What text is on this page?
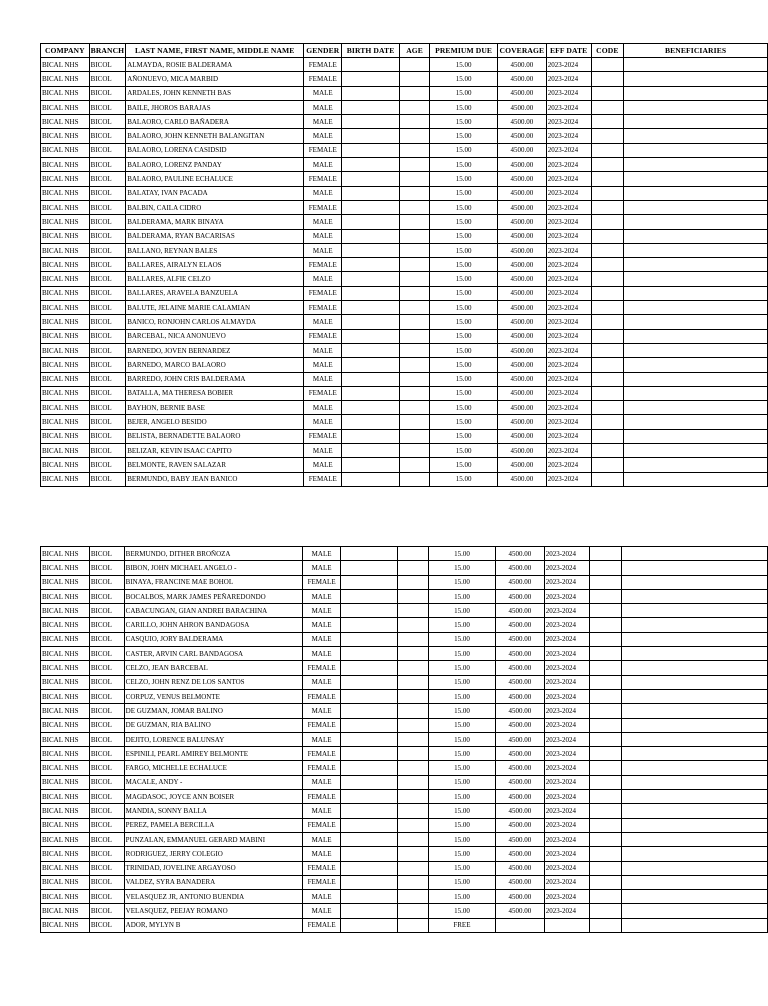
COMPANY	BRANCH	LAST NAME, FIRST NAME, MIDDLE NAME	GENDER	BIRTH DATE	AGE	PREMIUM DUE	COVERAGE	EFF DATE	CODE	BENEFICIARIES
BICAL NHS	BICOL	ALMAYDA, ROSIE BALDERAMA	FEMALE			15.00	4500.00	2023-2024		
BICAL NHS	BICOL	AÑONUEVO, MICA MARBID	FEMALE			15.00	4500.00	2023-2024		
BICAL NHS	BICOL	ARDALES, JOHN KENNETH BAS	MALE			15.00	4500.00	2023-2024		
BICAL NHS	BICOL	BAILE, JHOROS BARAJAS	MALE			15.00	4500.00	2023-2024		
BICAL NHS	BICOL	BALAORO, CARLO BAÑADERA	MALE			15.00	4500.00	2023-2024		
BICAL NHS	BICOL	BALAORO, JOHN KENNETH BALANGITAN	MALE			15.00	4500.00	2023-2024		
BICAL NHS	BICOL	BALAORO, LORENA CASIDSID	FEMALE			15.00	4500.00	2023-2024		
BICAL NHS	BICOL	BALAORO, LORENZ PANDAY	MALE			15.00	4500.00	2023-2024		
BICAL NHS	BICOL	BALAORO, PAULINE ECHALUCE	FEMALE			15.00	4500.00	2023-2024		
BICAL NHS	BICOL	BALATAY, IVAN PACADA	MALE			15.00	4500.00	2023-2024		
BICAL NHS	BICOL	BALBIN, CAILA CIDRO	FEMALE			15.00	4500.00	2023-2024		
BICAL NHS	BICOL	BALDERAMA, MARK BINAYA	MALE			15.00	4500.00	2023-2024		
BICAL NHS	BICOL	BALDERAMA, RYAN BACARISAS	MALE			15.00	4500.00	2023-2024		
BICAL NHS	BICOL	BALLANO, REYNAN BALES	MALE			15.00	4500.00	2023-2024		
BICAL NHS	BICOL	BALLARES, AIRALYN ELAOS	FEMALE			15.00	4500.00	2023-2024		
BICAL NHS	BICOL	BALLARES, ALFIE CELZO	MALE			15.00	4500.00	2023-2024		
BICAL NHS	BICOL	BALLARES, ARAVELA BANZUELA	FEMALE			15.00	4500.00	2023-2024		
BICAL NHS	BICOL	BALUTE, JELAINE MARIE CALAMIAN	FEMALE			15.00	4500.00	2023-2024		
BICAL NHS	BICOL	BANICO, RONJOHN CARLOS ALMAYDA	MALE			15.00	4500.00	2023-2024		
BICAL NHS	BICOL	BARCEBAL, NICA ANONUEVO	FEMALE			15.00	4500.00	2023-2024		
BICAL NHS	BICOL	BARNEDO, JOVEN BERNARDEZ	MALE			15.00	4500.00	2023-2024		
BICAL NHS	BICOL	BARNEDO, MARCO BALAORO	MALE			15.00	4500.00	2023-2024		
BICAL NHS	BICOL	BARREDO, JOHN CRIS BALDERAMA	MALE			15.00	4500.00	2023-2024		
BICAL NHS	BICOL	BATALLA, MA THERESA BOBIER	FEMALE			15.00	4500.00	2023-2024		
BICAL NHS	BICOL	BAYHON, BERNIE BASE	MALE			15.00	4500.00	2023-2024		
BICAL NHS	BICOL	BEJER, ANGELO BESIDO	MALE			15.00	4500.00	2023-2024		
BICAL NHS	BICOL	BELISTA, BERNADETTE BALAORO	FEMALE			15.00	4500.00	2023-2024		
BICAL NHS	BICOL	BELIZAR, KEVIN ISAAC CAPITO	MALE			15.00	4500.00	2023-2024		
BICAL NHS	BICOL	BELMONTE, RAVEN SALAZAR	MALE			15.00	4500.00	2023-2024		
BICAL NHS	BICOL	BERMUNDO, BABY JEAN BANICO	FEMALE			15.00	4500.00	2023-2024		
BICAL NHS	BICOL	BERMUNDO, DITHER BROÑOZA	MALE			15.00	4500.00	2023-2024		
BICAL NHS	BICOL	BIBON, JOHN MICHAEL ANGELO -	MALE			15.00	4500.00	2023-2024		
BICAL NHS	BICOL	BINAYA, FRANCINE MAE BOHOL	FEMALE			15.00	4500.00	2023-2024		
BICAL NHS	BICOL	BOCALBOS, MARK JAMES PEÑAREDONDO	MALE			15.00	4500.00	2023-2024		
BICAL NHS	BICOL	CABACUNGAN, GIAN ANDREI BARACHINA	MALE			15.00	4500.00	2023-2024		
BICAL NHS	BICOL	CARILLO, JOHN AHRON BANDAGOSA	MALE			15.00	4500.00	2023-2024		
BICAL NHS	BICOL	CASQUIO, JORY BALDERAMA	MALE			15.00	4500.00	2023-2024		
BICAL NHS	BICOL	CASTER, ARVIN CARL BANDAGOSA	MALE			15.00	4500.00	2023-2024		
BICAL NHS	BICOL	CELZO, JEAN BARCEBAL	FEMALE			15.00	4500.00	2023-2024		
BICAL NHS	BICOL	CELZO, JOHN RENZ DE LOS SANTOS	MALE			15.00	4500.00	2023-2024		
BICAL NHS	BICOL	CORPUZ, VENUS BELMONTE	FEMALE			15.00	4500.00	2023-2024		
BICAL NHS	BICOL	DE GUZMAN, JOMAR BALINO	MALE			15.00	4500.00	2023-2024		
BICAL NHS	BICOL	DE GUZMAN, RIA BALINO	FEMALE			15.00	4500.00	2023-2024		
BICAL NHS	BICOL	DEJITO, LORENCE BALUNSAY	MALE			15.00	4500.00	2023-2024		
BICAL NHS	BICOL	ESPINILI, PEARL AMIREY BELMONTE	FEMALE			15.00	4500.00	2023-2024		
BICAL NHS	BICOL	FARGO, MICHELLE ECHALUCE	FEMALE			15.00	4500.00	2023-2024		
BICAL NHS	BICOL	MACALE, ANDY -	MALE			15.00	4500.00	2023-2024		
BICAL NHS	BICOL	MAGDASOC, JOYCE ANN BOISER	FEMALE			15.00	4500.00	2023-2024		
BICAL NHS	BICOL	MANDIA, SONNY BALLA	MALE			15.00	4500.00	2023-2024		
BICAL NHS	BICOL	PEREZ, PAMELA BERCILLA	FEMALE			15.00	4500.00	2023-2024		
BICAL NHS	BICOL	PUNZALAN, EMMANUEL GERARD MABINI	MALE			15.00	4500.00	2023-2024		
BICAL NHS	BICOL	RODRIGUEZ, JERRY COLEGIO	MALE			15.00	4500.00	2023-2024		
BICAL NHS	BICOL	TRINIDAD, JOVELINE ARGAYOSO	FEMALE			15.00	4500.00	2023-2024		
BICAL NHS	BICOL	VALDEZ, SYRA BANADERA	FEMALE			15.00	4500.00	2023-2024		
BICAL NHS	BICOL	VELASQUEZ JR, ANTONIO BUENDIA	MALE			15.00	4500.00	2023-2024		
BICAL NHS	BICOL	VELASQUEZ, PEEJAY ROMANO	MALE			15.00	4500.00	2023-2024		
BICAL NHS	BICOL	ADOR, MYLYN B	FEMALE			FREE				
